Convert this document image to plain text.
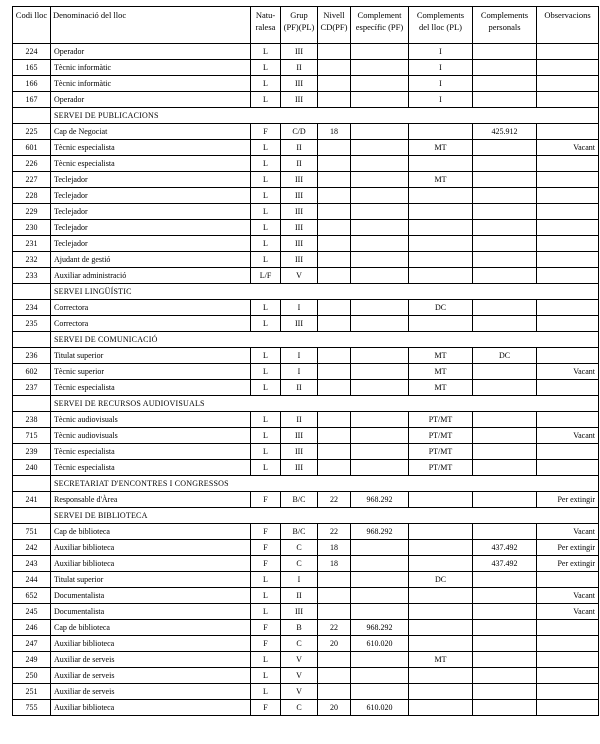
Codi lloc	Denominació del lloc	Natu- ralesa	Grup (PF)(PL)	Nivell CD(PF)	Complement específic (PF)	Complements del lloc (PL)	Complements personals	Observacions
224	Operador	L	III			I		
165	Tècnic informàtic	L	II			I		
166	Tècnic informàtic	L	III			I		
167	Operador	L	III			I		
	SERVEI DE PUBLICACIONS							
225	Cap de Negociat	F	C/D	18			425.912	
601	Tècnic especialista	L	II			MT		Vacant
226	Tècnic especialista	L	II					
227	Teclejador	L	III			MT		
228	Teclejador	L	III					
229	Teclejador	L	III					
230	Teclejador	L	III					
231	Teclejador	L	III					
232	Ajudant de gestió	L	III					
233	Auxiliar administració	L/F	V					
	SERVEI LINGÜÍSTIC							
234	Correctora	L	I			DC		
235	Correctora	L	III					
	SERVEI DE COMUNICACIÓ							
236	Titulat superior	L	I			MT	DC	
602	Tècnic superior	L	I			MT		Vacant
237	Tècnic especialista	L	II			MT		
	SERVEI DE RECURSOS AUDIOVISUALS							
238	Tècnic audiovisuals	L	II			PT/MT		
715	Tècnic audiovisuals	L	III			PT/MT		Vacant
239	Tècnic especialista	L	III			PT/MT		
240	Tècnic especialista	L	III			PT/MT		
	SECRETARIAT D'ENCONTRES I CONGRESSOS							
241	Responsable d'Àrea	F	B/C	22	968.292			Per extingir
	SERVEI DE BIBLIOTECA							
751	Cap de biblioteca	F	B/C	22	968.292			Vacant
242	Auxiliar biblioteca	F	C	18			437.492	Per extingir
243	Auxiliar biblioteca	F	C	18			437.492	Per extingir
244	Titulat superior	L	I			DC		
652	Documentalista	L	II					Vacant
245	Documentalista	L	III					Vacant
246	Cap de biblioteca	F	B	22	968.292			
247	Auxiliar biblioteca	F	C	20	610.020			
249	Auxiliar de serveis	L	V			MT		
250	Auxiliar de serveis	L	V					
251	Auxiliar de serveis	L	V					
755	Auxiliar biblioteca	F	C	20	610.020			
